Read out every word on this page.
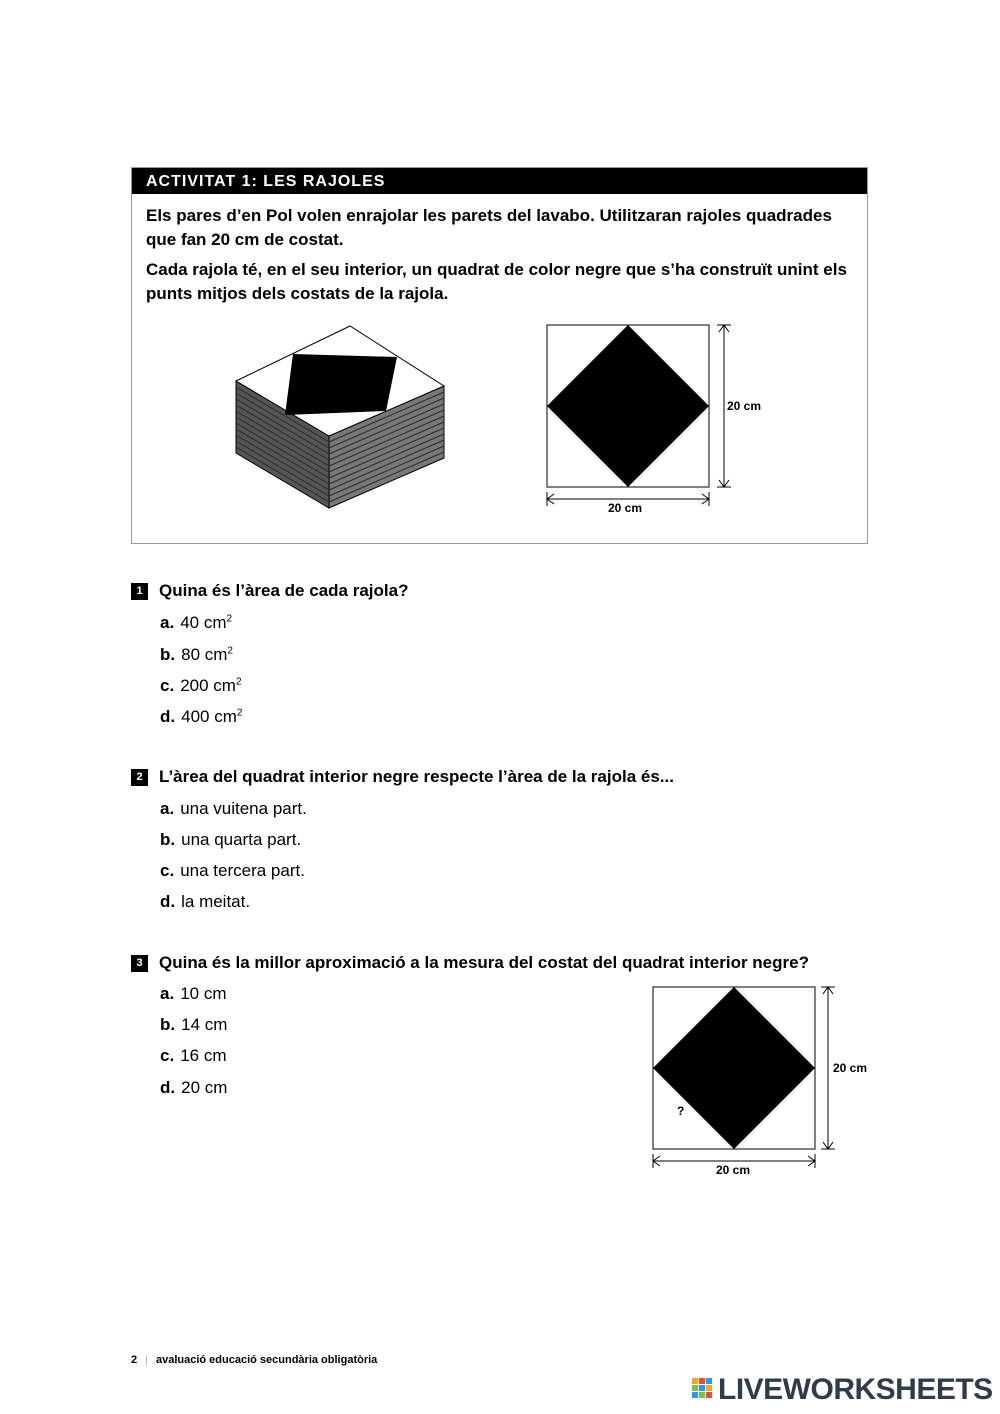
ACTIVITAT 1: LES RAJOLES

Els pares d’en Pol volen enrajolar les parets del lavabo. Utilitzaran rajoles quadrades que fan 20 cm de costat.

Cada rajola té, en el seu interior, un quadrat de color negre que s’ha construït unint els punts mitjos dels costats de la rajola.

20 cm
20 cm
1 Quina és l’àrea de cada rajola?
a. 40 $cm^2$
b. 80 $cm^2$
c. 200 $cm^2$
d. 400 $cm^2$
2 L’àrea del quadrat interior negre respecte l’àrea de la rajola és...
a. una vuitena part.
b. una quarta part.
c. una tercera part.
d. la meitat.
3 Quina és la millor aproximació a la mesura del costat del quadrat interior negre?
a. 10 cm
b. 14 cm
c. 16 cm
d. 20 cm
?
20 cm
20 cm
2 | avaluació educació secundària obligatòria
LIVEWORKSHEETS
